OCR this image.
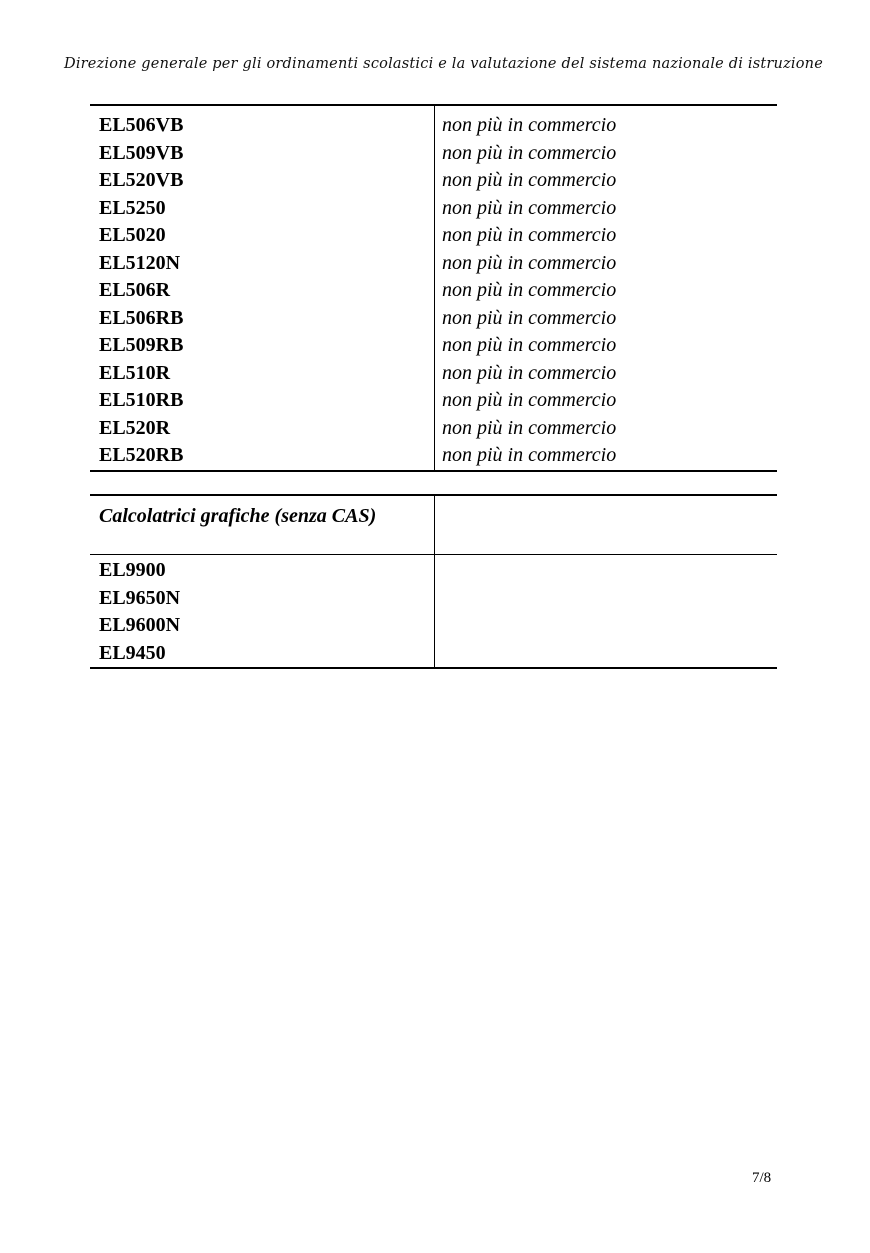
Direzione generale per gli ordinamenti scolastici e la valutazione del sistema nazionale di istruzione
EL506VB
EL509VB
EL520VB
EL5250
EL5020
EL5120N
EL506R
EL506RB
EL509RB
EL510R
EL510RB
EL520R
EL520RB
non più in commercio
non più in commercio
non più in commercio
non più in commercio
non più in commercio
non più in commercio
non più in commercio
non più in commercio
non più in commercio
non più in commercio
non più in commercio
non più in commercio
non più in commercio
Calcolatrici grafiche (senza CAS)
EL9900
EL9650N
EL9600N
EL9450
7/8
